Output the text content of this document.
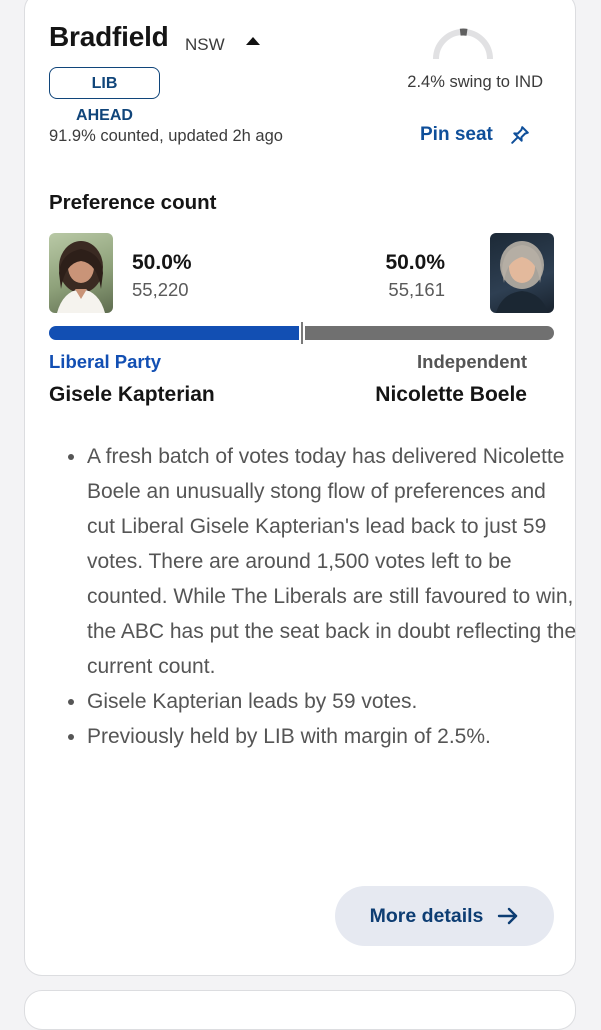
Bradfield NSW
LIB AHEAD
2.4% swing to IND
91.9% counted, updated 2h ago	Pin seat
Preference count
50.0%
55,220
50.0%
55,161
Liberal Party	Independent
Gisele Kapterian	Nicolette Boele
• A fresh batch of votes today has delivered Nicolette Boele an unusually stong flow of preferences and cut Liberal Gisele Kapterian's lead back to just 59 votes. There are around 1,500 votes left to be counted. While The Liberals are still favoured to win, the ABC has put the seat back in doubt reflecting the current count.
• Gisele Kapterian leads by 59 votes.
• Previously held by LIB with margin of 2.5%.
More details
